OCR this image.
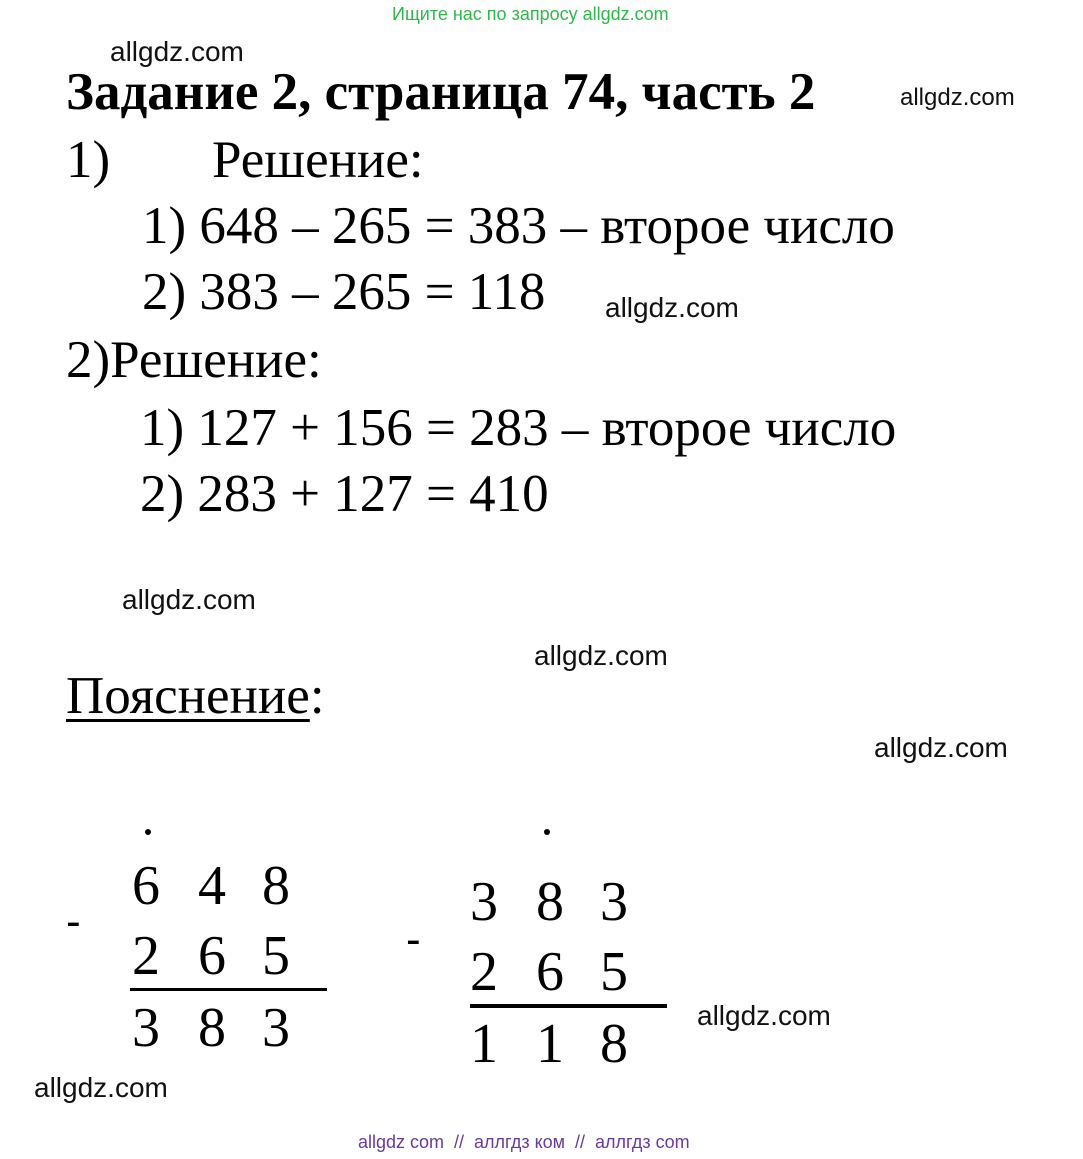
Ищите нас по запросу allgdz.com
allgdz.com
allgdz.com
allgdz.com
allgdz.com
allgdz.com
allgdz.com
allgdz.com
allgdz.com
Задание 2, страница 74, часть 2
1) Решение:
1) 648 – 265 = 383 – второе число
2) 383 – 265 = 118
2)Решение:
1) 127 + 156 = 283 – второе число
2) 283 + 127 = 410
Пояснение:
-
6 4 8
2 6 5
3 8 3
-
3 8 3
2 6 5
1 1 8
allgdz com  //  аллгдз ком  //  аллгдз com
